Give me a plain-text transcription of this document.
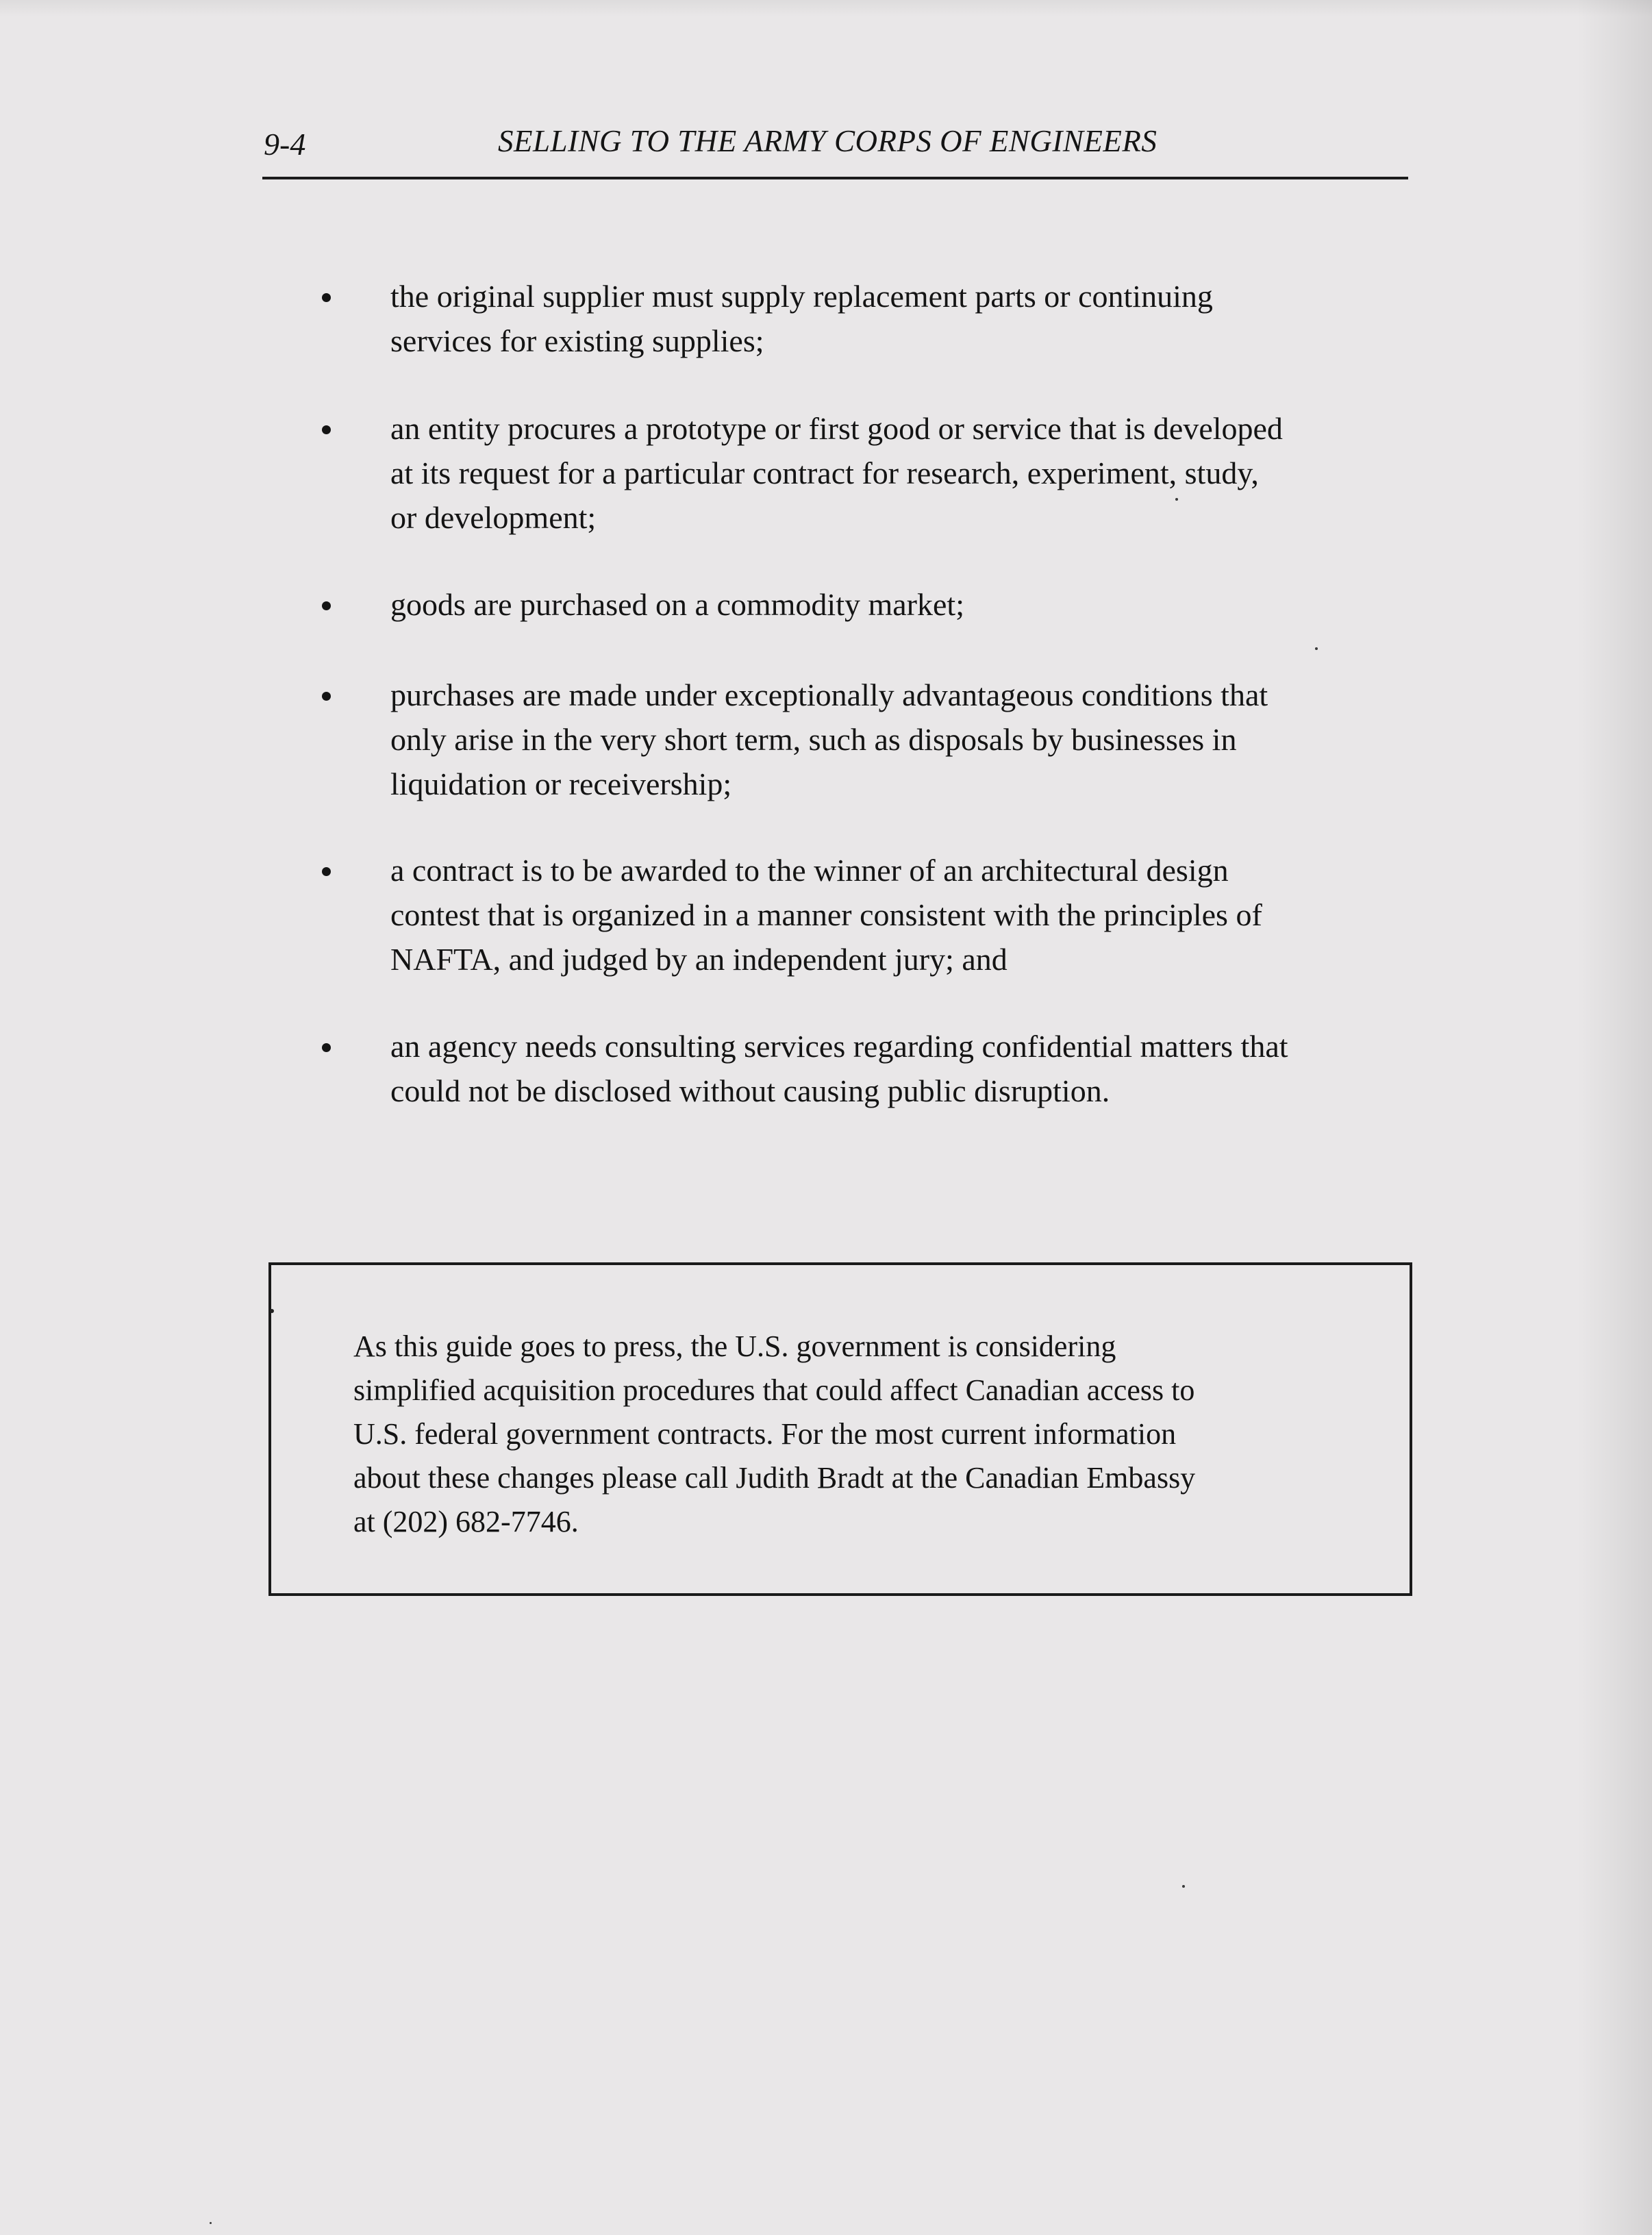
9-4	SELLING TO THE ARMY CORPS OF ENGINEERS
the original supplier must supply replacement parts or continuing
services for existing supplies;
an entity procures a prototype or first good or service that is developed
at its request for a particular contract for research, experiment, study,
or development;
goods are purchased on a commodity market;
purchases are made under exceptionally advantageous conditions that
only arise in the very short term, such as disposals by businesses in
liquidation or receivership;
a contract is to be awarded to the winner of an architectural design
contest that is organized in a manner consistent with the principles of
NAFTA, and judged by an independent jury; and
an agency needs consulting services regarding confidential matters that
could not be disclosed without causing public disruption.
As this guide goes to press, the U.S. government is considering
simplified acquisition procedures that could affect Canadian access to
U.S. federal government contracts. For the most current information
about these changes please call Judith Bradt at the Canadian Embassy
at (202) 682-7746.
